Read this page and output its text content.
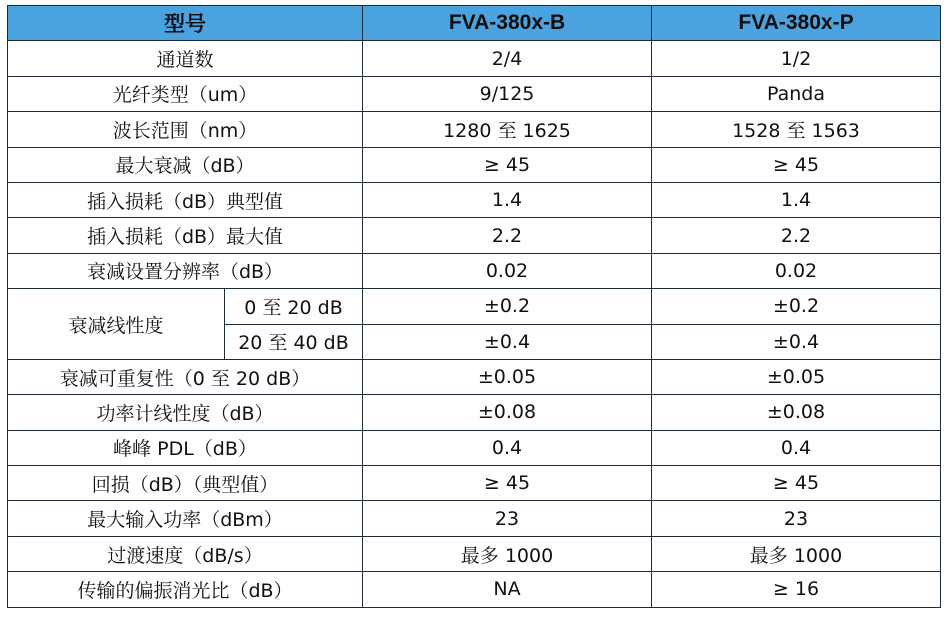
型号		FVA-380x-B	FVA-380x-P
通道数		2/4	1/2
光纤类型（um）		9/125	Panda
波长范围（nm）		1280 至 1625	1528 至 1563
最大衰减（dB）		≥ 45	≥ 45
插入损耗（dB）典型值		1.4	1.4
插入损耗（dB）最大值		2.2	2.2
衰减设置分辨率（dB）		0.02	0.02
衰减线性度	0 至 20 dB	±0.2	±0.2
	20 至 40 dB	±0.4	±0.4
衰减可重复性（0 至 20 dB）		±0.05	±0.05
功率计线性度（dB）		±0.08	±0.08
峰峰 PDL（dB）		0.4	0.4
回损（dB）（典型值）		≥ 45	≥ 45
最大输入功率（dBm）		23	23
过渡速度（dB/s）		最多 1000	最多 1000
传输的偏振消光比（dB）		NA	≥ 16
